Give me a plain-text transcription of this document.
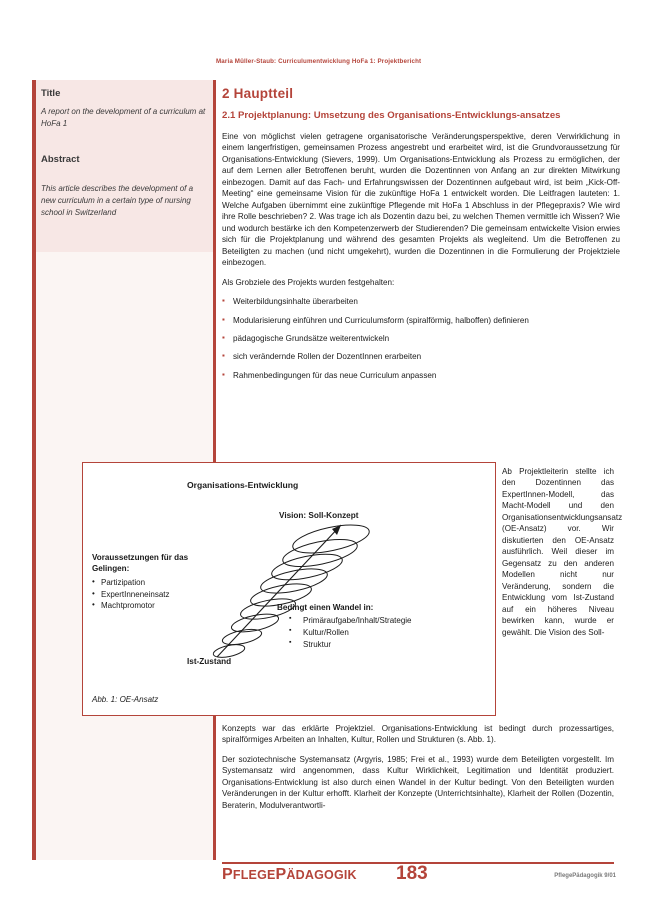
Maria Müller-Staub: Curriculumentwicklung HoFa 1: Projektbericht
Title
A report on the development of a curriculum at HoFa 1
Abstract
This article describes the development of a new curriculum in a certain type of nursing school in Switzerland
2 Hauptteil
2.1 Projektplanung: Umsetzung des Organisations-Entwicklungs-ansatzes

Eine von möglichst vielen getragene organisatorische Veränderungsperspektive, deren Verwirklichung in einem langerfristigen, gemeinsamen Prozess angestrebt und erarbeitet wird, ist die Grundvoraussetzung für Organisations-Entwicklung (Sievers, 1999). Um Organisations-Entwicklung als Prozess zu ermöglichen, der auf dem Lernen aller Betroffenen beruht, wurden die Dozentinnen von Anfang an zur direkten Mitwirkung einbezogen. Damit auf das Fach- und Erfahrungswissen der Dozentinnen aufgebaut wird, ist beim „Kick-Off-Meeting“ eine gemeinsame Vision für die zukünftige HoFa 1 entwickelt worden. Die Leitfragen lauteten: 1. Welche Aufgaben übernimmt eine zukünftige Pflegende mit HoFa 1 Abschluss in der Pflegepraxis? Wie wird ihre Rolle beschrieben? 2. Was trage ich als Dozentin dazu bei, zu welchen Themen vermittle ich Wissen? Wie und wodurch bestärke ich den Kompetenzerwerb der Studierenden? Die gemeinsam entwickelte Vision erwies sich für die Projektplanung und während des gesamten Projekts als wegleitend. Um die Betroffenen zu Beteiligten zu machen (und nicht umgekehrt), wurden die Dozentinnen in die Formulierung der Projektziele einbezogen.

Als Grobziele des Projekts wurden festgehalten:

▪ Weiterbildungsinhalte überarbeiten
▪ Modularisierung einführen und Curriculumsform (spiralförmig, halboffen) definieren
▪ pädagogische Grundsätze weiterentwickeln
▪ sich verändernde Rollen der DozentInnen erarbeiten
▪ Rahmenbedingungen für das neue Curriculum anpassen
Ab Projektleiterin stellte ich den Dozentinnen das ExpertInnen-Modell, das Macht-Modell und den Organisationsentwicklungsansatz (OE-Ansatz) vor. Wir diskutierten den OE-Ansatz ausführlich. Weil dieser im Gegensatz zu den anderen Modellen nicht nur Veränderung, sondern die Entwicklung vom Ist-Zustand auf ein höheres Niveau bewirken kann, wurde er gewählt. Die Vision des Soll-
Organisations-Entwicklung
Vision: Soll-Konzept
Ist-Zustand
Voraussetzungen für das Gelingen:
• Partizipation
• ExpertInneneinsatz
• Machtpromotor	Bedingt einen Wandel in:
▪ Primäraufgabe/Inhalt/Strategie
▪ Kultur/Rollen
▪ Struktur
Abb. 1: OE-Ansatz

Konzepts war das erklärte Projektziel. Organisations-Entwicklung ist bedingt durch prozessartiges, spiralförmiges Arbeiten an Inhalten, Kultur, Rollen und Strukturen (s. Abb. 1).

Der soziotechnische Systemansatz (Argyris, 1985; Frei et al., 1993) wurde dem Beteiligten vorgestellt. Im Systemansatz wird angenommen, dass Kultur Wirklichkeit, Legitimation und Identität produziert. Organisations-Entwicklung ist also durch einen Wandel in der Kultur bedingt. Von den Beteiligten wurden Veränderungen in der Kultur erhofft. Klarheit der Konzepte (Unterrichtsinhalte), Klarheit der Rollen (Dozentin, Beraterin, Modulverantwortli-

PFLEGEPÄDAGOGIK 183	PflegePädagogik 9/01
